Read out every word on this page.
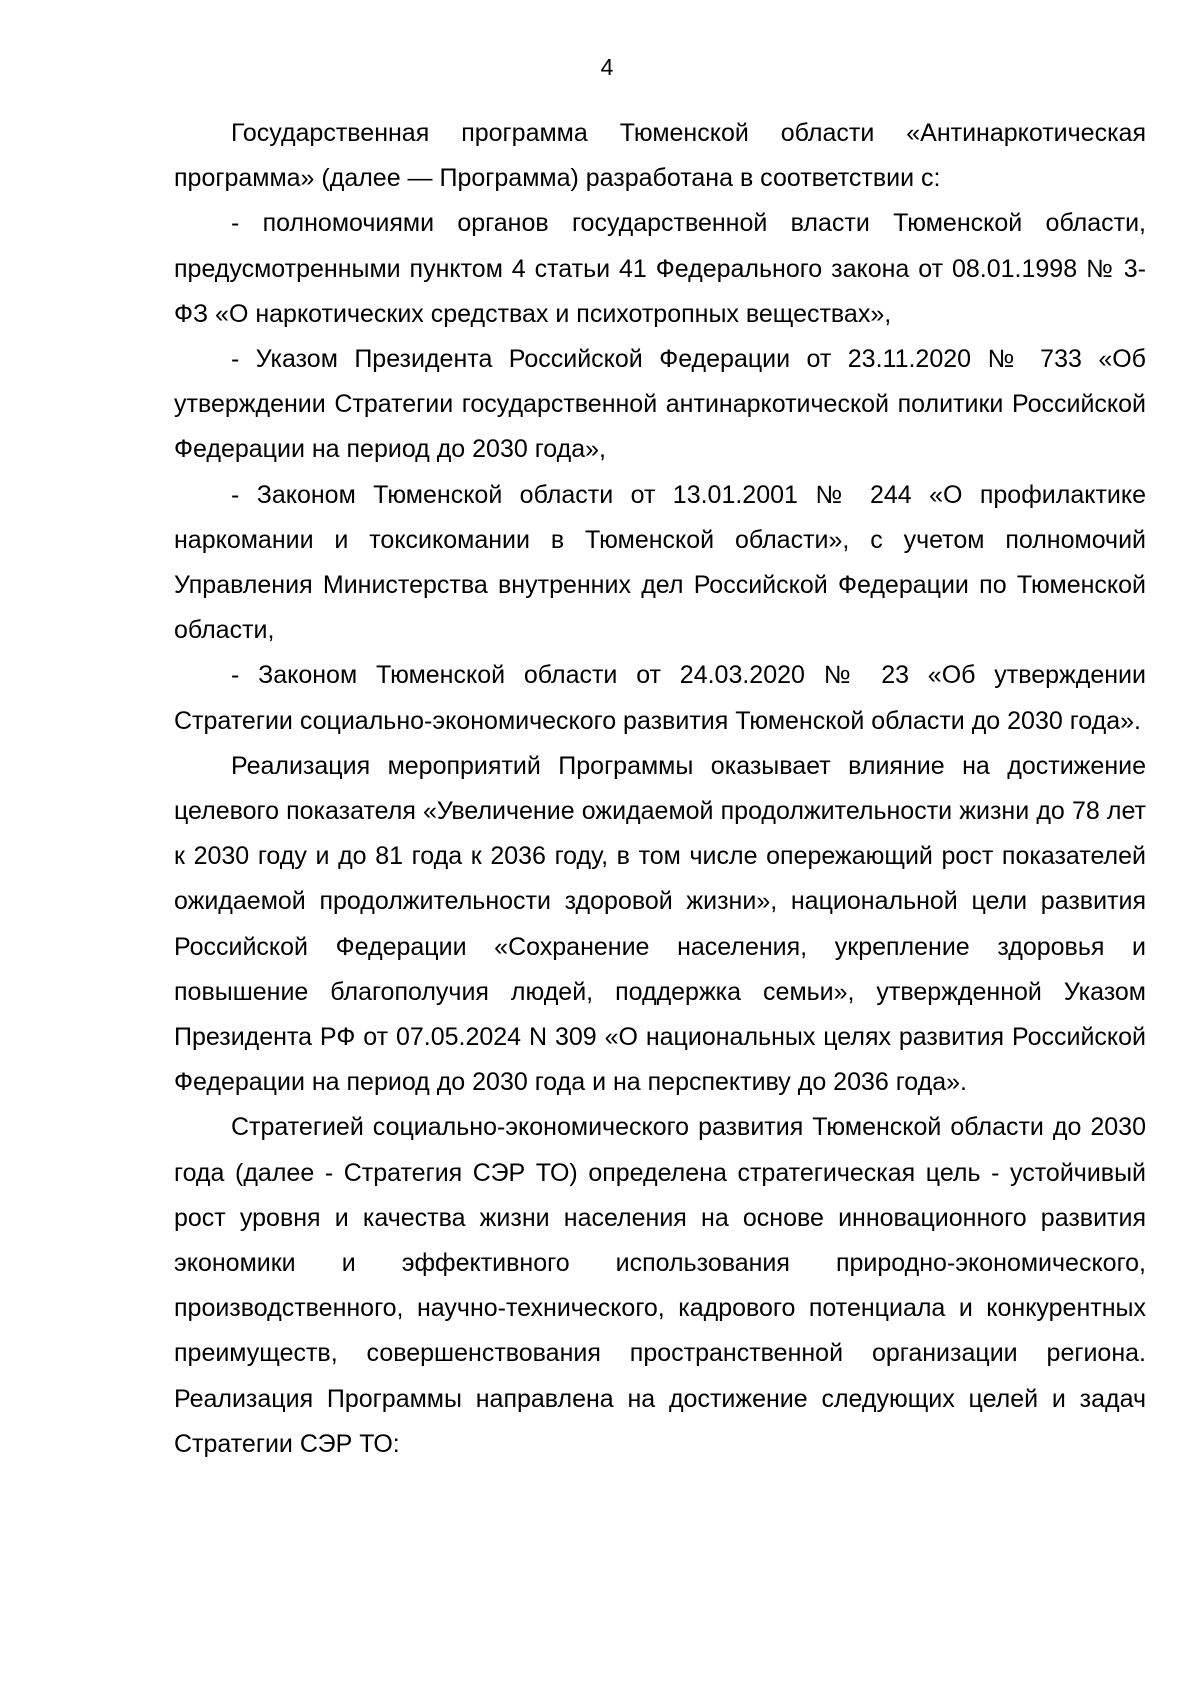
4

Государственная программа Тюменской области «Антинаркотическая программа» (далее — Программа) разработана в соответствии с:

- полномочиями органов государственной власти Тюменской области, предусмотренными пунктом 4 статьи 41 Федерального закона от 08.01.1998 № 3-ФЗ «О наркотических средствах и психотропных веществах»,

- Указом Президента Российской Федерации от 23.11.2020 № 733 «Об утверждении Стратегии государственной антинаркотической политики Российской Федерации на период до 2030 года»,

- Законом Тюменской области от 13.01.2001 № 244 «О профилактике наркомании и токсикомании в Тюменской области», с учетом полномочий Управления Министерства внутренних дел Российской Федерации по Тюменской области,

- Законом Тюменской области от 24.03.2020 № 23 «Об утверждении Стратегии социально-экономического развития Тюменской области до 2030 года».

Реализация мероприятий Программы оказывает влияние на достижение целевого показателя «Увеличение ожидаемой продолжительности жизни до 78 лет к 2030 году и до 81 года к 2036 году, в том числе опережающий рост показателей ожидаемой продолжительности здоровой жизни», национальной цели развития Российской Федерации «Сохранение населения, укрепление здоровья и повышение благополучия людей, поддержка семьи», утвержденной Указом Президента РФ от 07.05.2024 N 309 «О национальных целях развития Российской Федерации на период до 2030 года и на перспективу до 2036 года».

Стратегией социально-экономического развития Тюменской области до 2030 года (далее - Стратегия СЭР ТО) определена стратегическая цель - устойчивый рост уровня и качества жизни населения на основе инновационного развития экономики и эффективного использования природно-экономического, производственного, научно-технического, кадрового потенциала и конкурентных преимуществ, совершенствования пространственной организации региона. Реализация Программы направлена на достижение следующих целей и задач Стратегии СЭР ТО:
